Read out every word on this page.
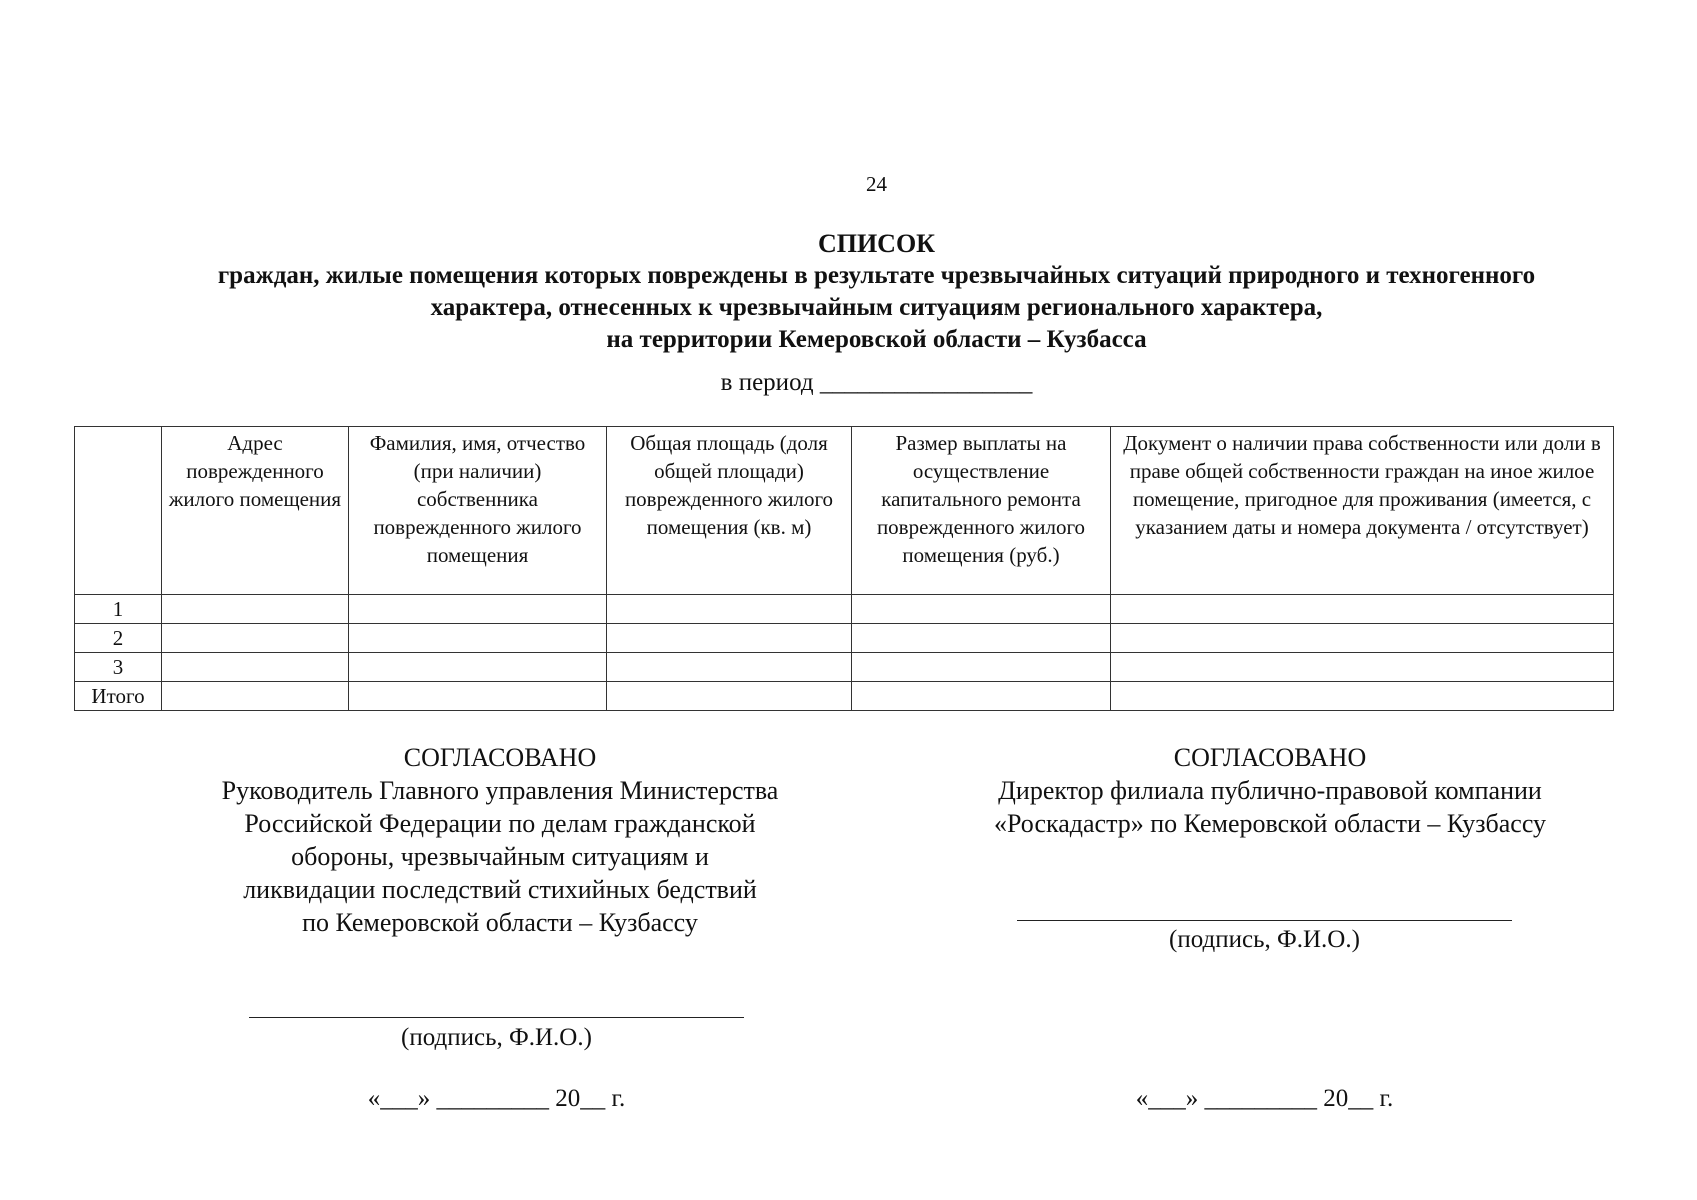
24
СПИСОК
граждан, жилые помещения которых повреждены в результате чрезвычайных ситуаций природного и техногенного
характера, отнесенных к чрезвычайным ситуациям регионального характера,
на территории Кемеровской области – Кузбасса
в период _________________
	Адрес поврежденного жилого помещения	Фамилия, имя, отчество (при наличии) собственника поврежденного жилого помещения	Общая площадь (доля общей площади) поврежденного жилого помещения (кв. м)	Размер выплаты на осуществление капитального ремонта поврежденного жилого помещения (руб.)	Документ о наличии права собственности или доли в праве общей собственности граждан на иное жилое помещение, пригодное для проживания (имеется, с указанием даты и номера документа / отсутствует)
1					
2					
3					
Итого					
СОГЛАСОВАНО
Руководитель Главного управления Министерства
Российской Федерации по делам гражданской
обороны, чрезвычайным ситуациям и
ликвидации последствий стихийных бедствий
по Кемеровской области – Кузбассу
(подпись, Ф.И.О.)
«___» _________ 20__ г.
СОГЛАСОВАНО
Директор филиала публично-правовой компании
«Роскадастр» по Кемеровской области – Кузбассу
(подпись, Ф.И.О.)
«___» _________ 20__ г.
